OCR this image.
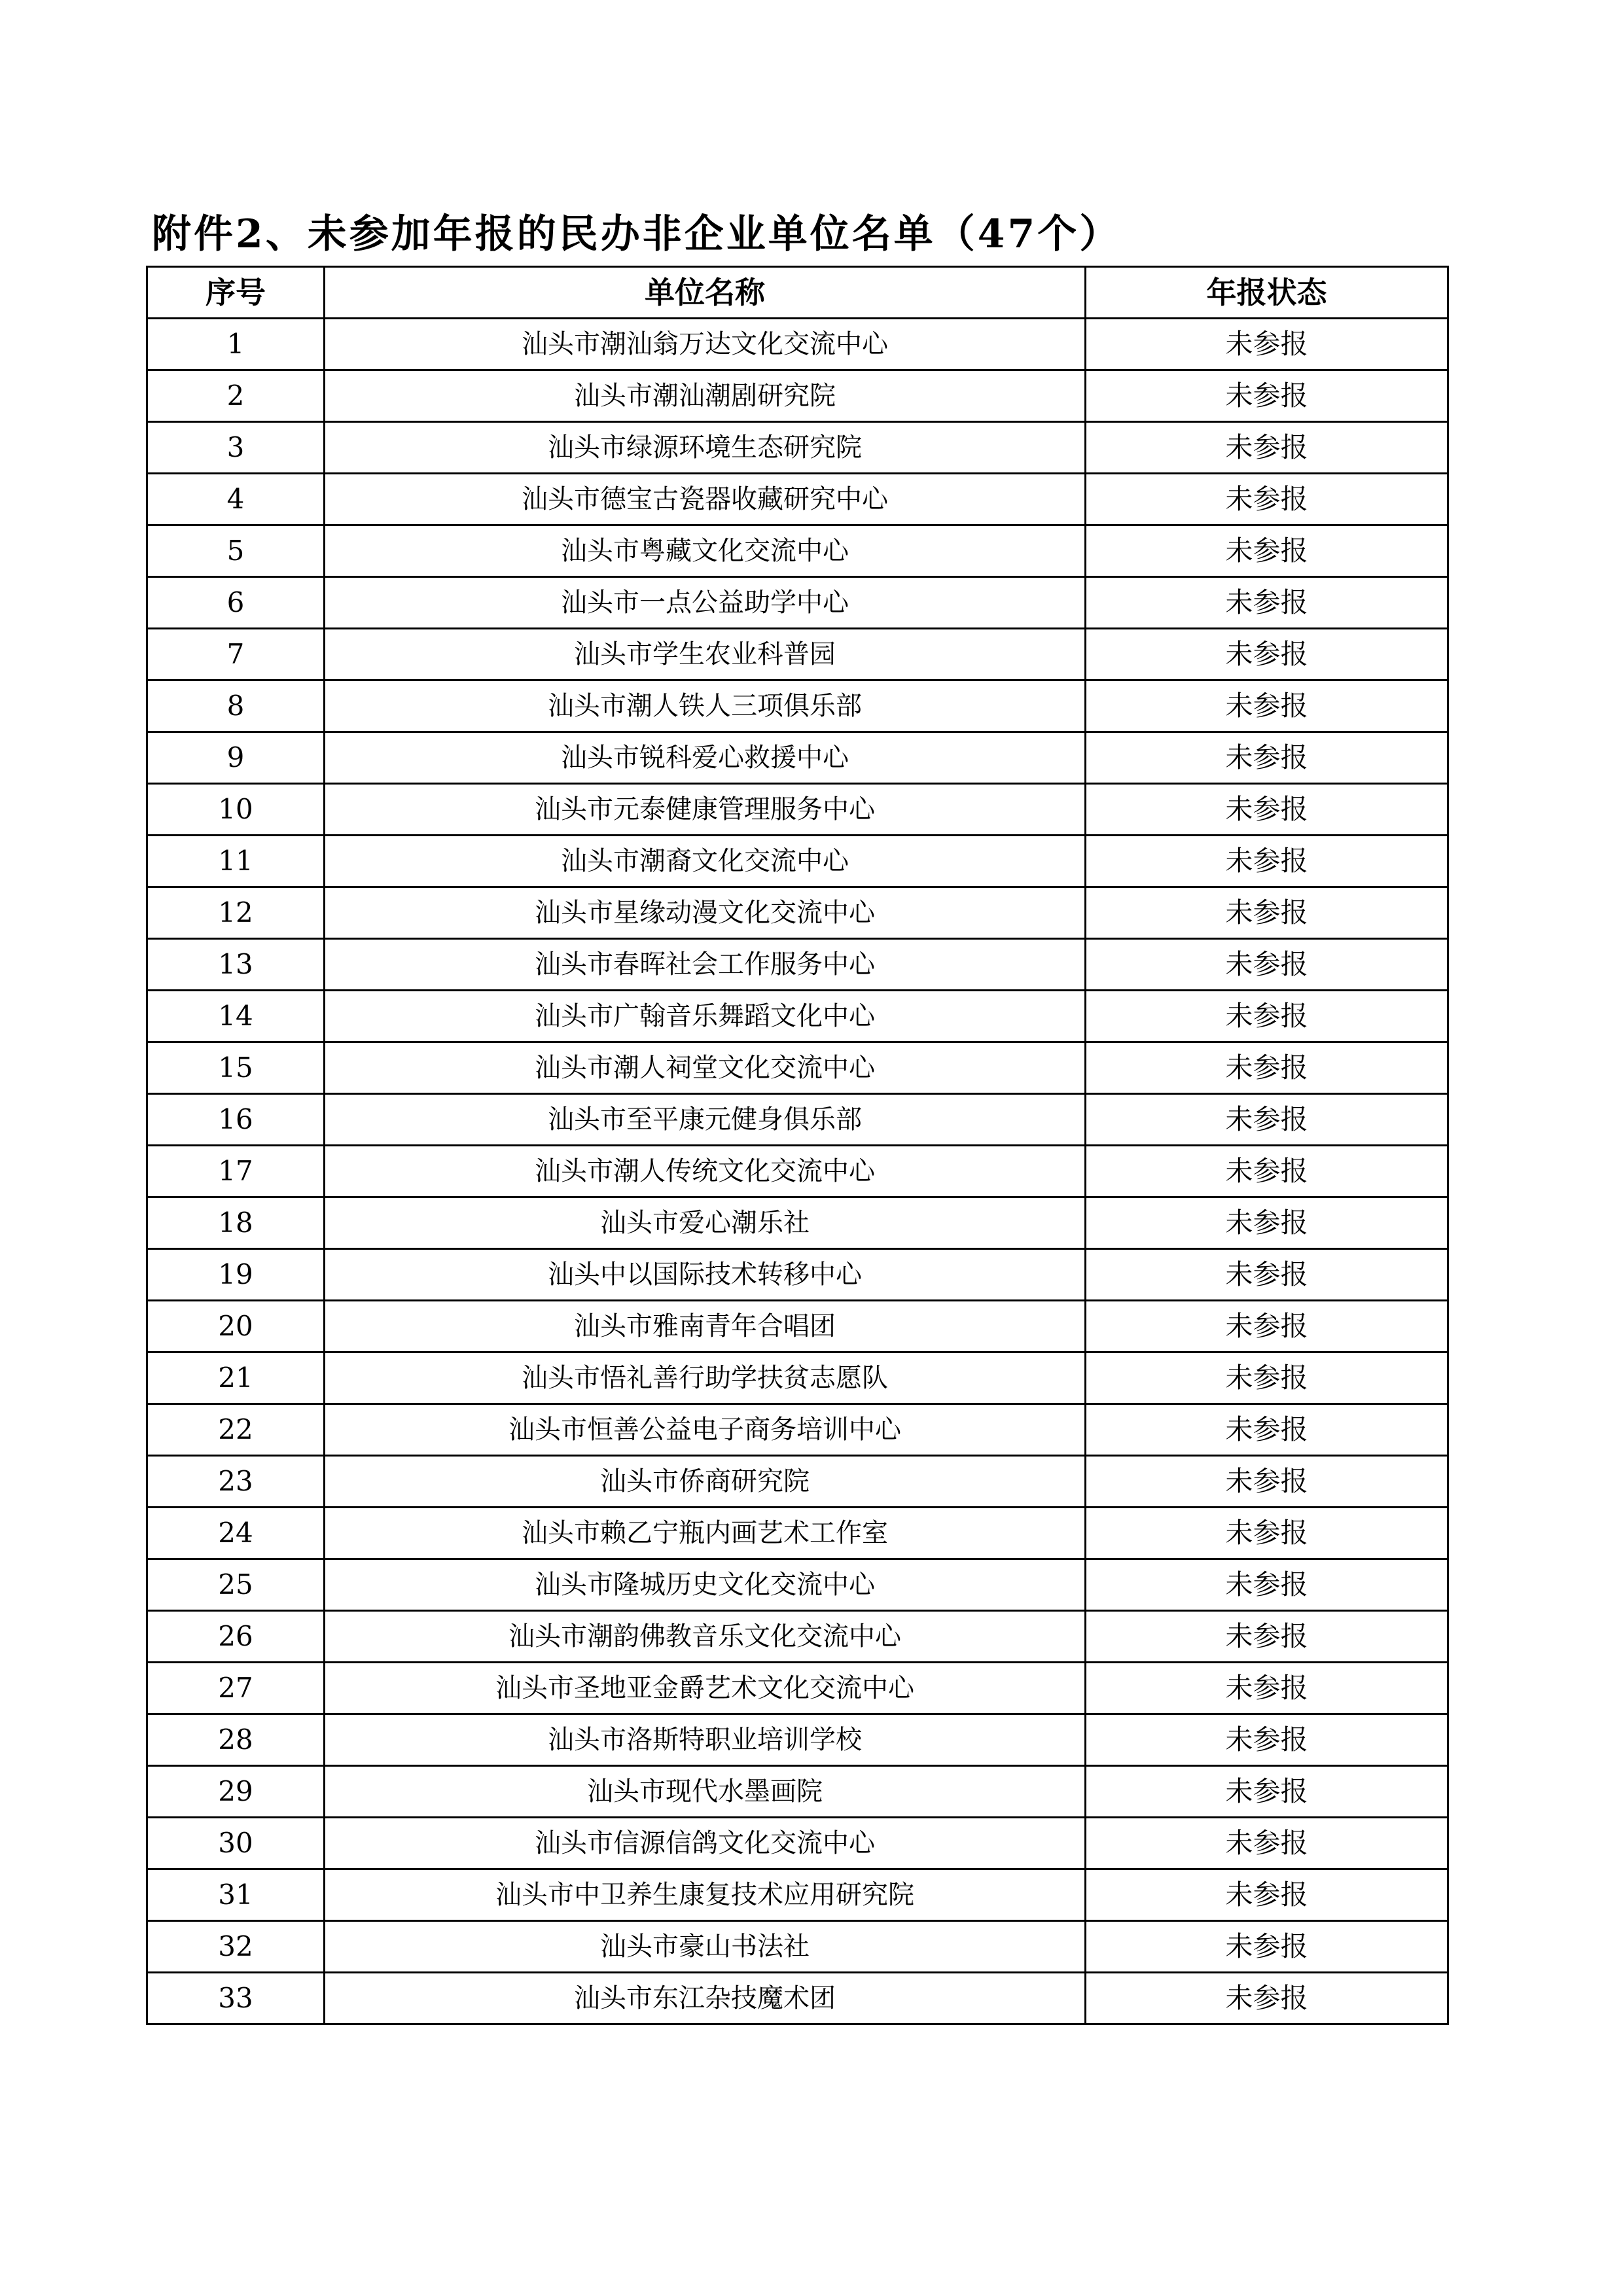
附件2、未参加年报的民办非企业单位名单（47个）
序号	单位名称	年报状态
1	汕头市潮汕翁万达文化交流中心	未参报
2	汕头市潮汕潮剧研究院	未参报
3	汕头市绿源环境生态研究院	未参报
4	汕头市德宝古瓷器收藏研究中心	未参报
5	汕头市粤藏文化交流中心	未参报
6	汕头市一点公益助学中心	未参报
7	汕头市学生农业科普园	未参报
8	汕头市潮人铁人三项俱乐部	未参报
9	汕头市锐科爱心救援中心	未参报
10	汕头市元泰健康管理服务中心	未参报
11	汕头市潮裔文化交流中心	未参报
12	汕头市星缘动漫文化交流中心	未参报
13	汕头市春晖社会工作服务中心	未参报
14	汕头市广翰音乐舞蹈文化中心	未参报
15	汕头市潮人祠堂文化交流中心	未参报
16	汕头市至平康元健身俱乐部	未参报
17	汕头市潮人传统文化交流中心	未参报
18	汕头市爱心潮乐社	未参报
19	汕头中以国际技术转移中心	未参报
20	汕头市雅南青年合唱团	未参报
21	汕头市悟礼善行助学扶贫志愿队	未参报
22	汕头市恒善公益电子商务培训中心	未参报
23	汕头市侨商研究院	未参报
24	汕头市赖乙宁瓶内画艺术工作室	未参报
25	汕头市隆城历史文化交流中心	未参报
26	汕头市潮韵佛教音乐文化交流中心	未参报
27	汕头市圣地亚金爵艺术文化交流中心	未参报
28	汕头市洛斯特职业培训学校	未参报
29	汕头市现代水墨画院	未参报
30	汕头市信源信鸽文化交流中心	未参报
31	汕头市中卫养生康复技术应用研究院	未参报
32	汕头市豪山书法社	未参报
33	汕头市东江杂技魔术团	未参报
